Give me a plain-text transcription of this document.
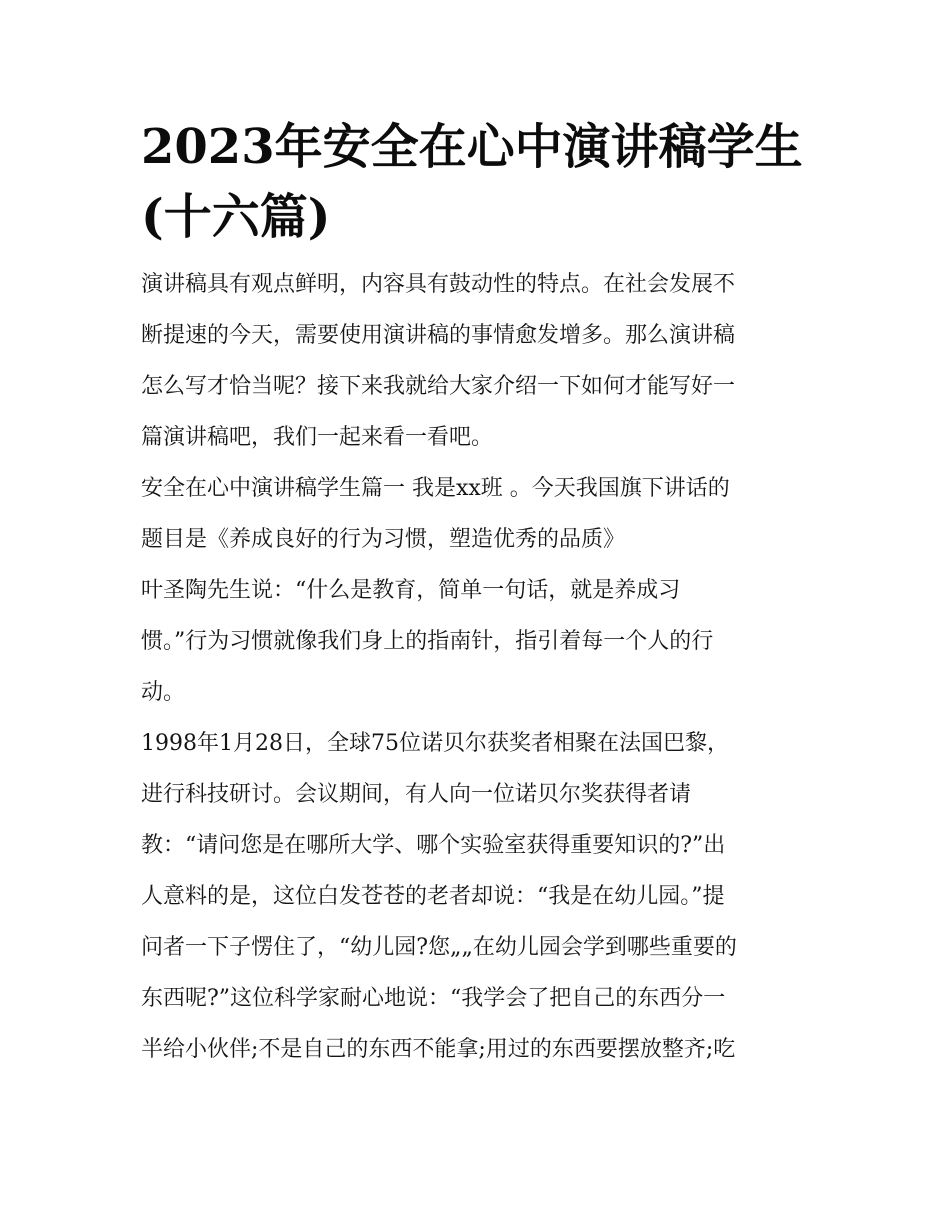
2023年安全在心中演讲稿学生
(十六篇)

演讲稿具有观点鲜明，内容具有鼓动性的特点。在社会发展不
断提速的今天，需要使用演讲稿的事情愈发增多。那么演讲稿
怎么写才恰当呢？接下来我就给大家介绍一下如何才能写好一
篇演讲稿吧，我们一起来看一看吧。

安全在心中演讲稿学生篇一 我是xx班 。今天我国旗下讲话的
题目是《养成良好的行为习惯，塑造优秀的品质》

叶圣陶先生说：“什么是教育，简单一句话，就是养成习
惯。”行为习惯就像我们身上的指南针，指引着每一个人的行
动。

1998年1月28日，全球75位诺贝尔获奖者相聚在法国巴黎，
进行科技研讨。会议期间，有人向一位诺贝尔奖获得者请
教：“请问您是在哪所大学、哪个实验室获得重要知识的?”出
人意料的是，这位白发苍苍的老者却说：“我是在幼儿园。”提
问者一下子愣住了，“幼儿园?您„„在幼儿园会学到哪些重要的
东西呢?”这位科学家耐心地说：“我学会了把自己的东西分一
半给小伙伴;不是自己的东西不能拿;用过的东西要摆放整齐;吃
